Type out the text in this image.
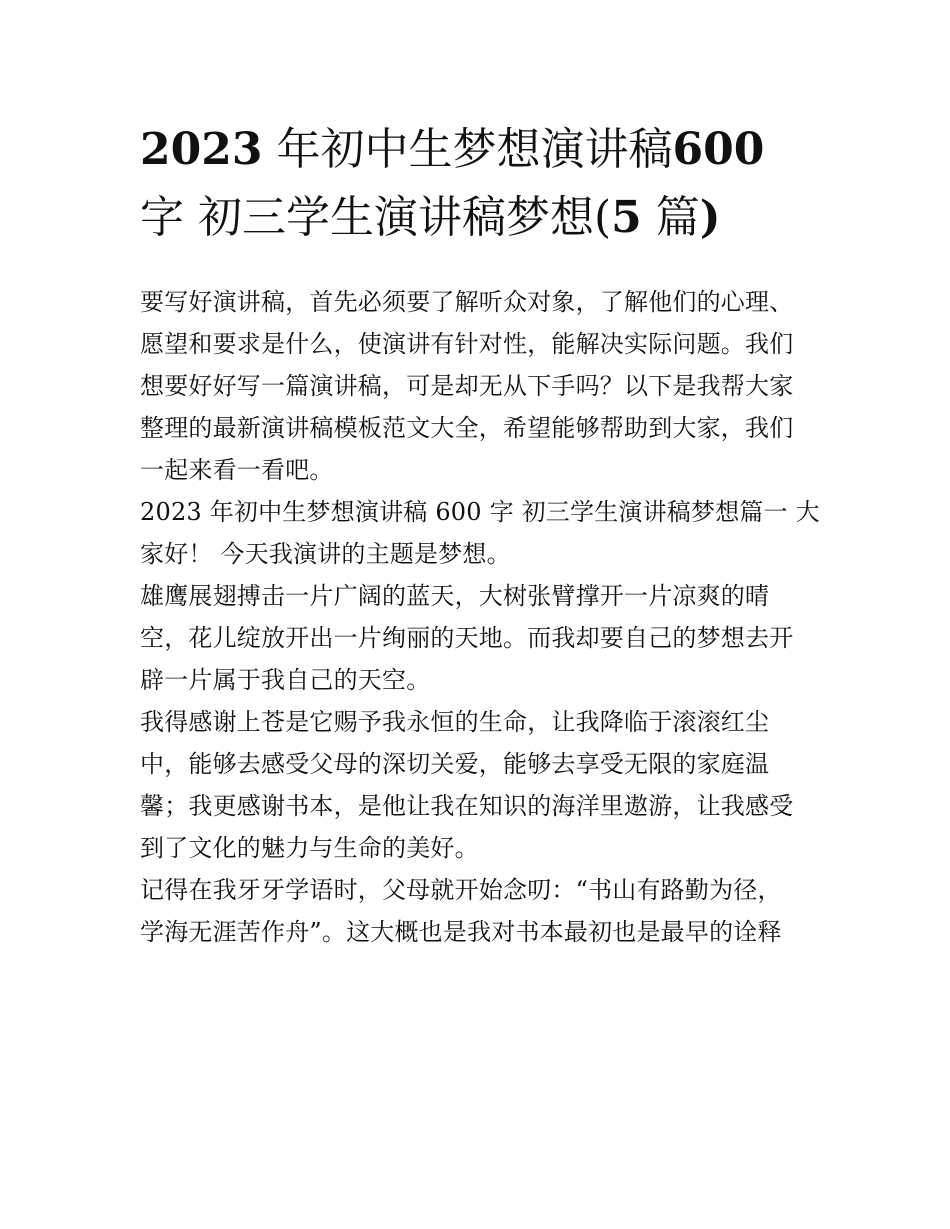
2023 年初中生梦想演讲稿600
字 初三学生演讲稿梦想(5 篇)

要写好演讲稿，首先必须要了解听众对象，了解他们的心理、
愿望和要求是什么，使演讲有针对性，能解决实际问题。我们
想要好好写一篇演讲稿，可是却无从下手吗？以下是我帮大家
整理的最新演讲稿模板范文大全，希望能够帮助到大家，我们
一起来看一看吧。

2023 年初中生梦想演讲稿 600 字 初三学生演讲稿梦想篇一 大
家好！ 今天我演讲的主题是梦想。

雄鹰展翅搏击一片广阔的蓝天，大树张臂撑开一片凉爽的晴
空，花儿绽放开出一片绚丽的天地。而我却要自己的梦想去开
辟一片属于我自己的天空。

我得感谢上苍是它赐予我永恒的生命，让我降临于滚滚红尘
中，能够去感受父母的深切关爱，能够去享受无限的家庭温
馨；我更感谢书本，是他让我在知识的海洋里遨游，让我感受
到了文化的魅力与生命的美好。

记得在我牙牙学语时，父母就开始念叨：“书山有路勤为径，
学海无涯苦作舟”。这大概也是我对书本最初也是最早的诠释
